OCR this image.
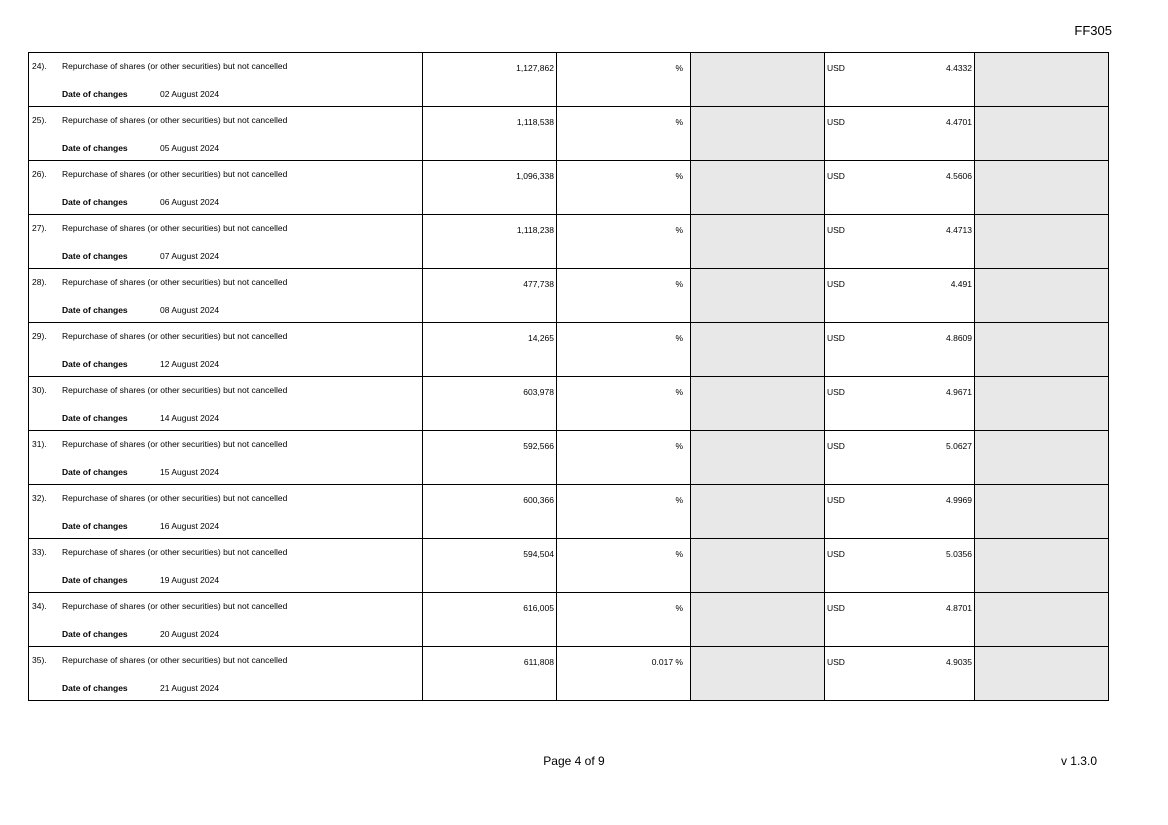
FF305
24). Repurchase of shares (or other securities) but not cancelled
Date of changes 02 August 2024	1,127,862	%		USD 4.4332	

25). Repurchase of shares (or other securities) but not cancelled
Date of changes 05 August 2024	1,118,538	%		USD 4.4701	

26). Repurchase of shares (or other securities) but not cancelled
Date of changes 06 August 2024	1,096,338	%		USD 4.5606	

27). Repurchase of shares (or other securities) but not cancelled
Date of changes 07 August 2024	1,118,238	%		USD 4.4713	

28). Repurchase of shares (or other securities) but not cancelled
Date of changes 08 August 2024	477,738	%		USD 4.491	

29). Repurchase of shares (or other securities) but not cancelled
Date of changes 12 August 2024	14,265	%		USD 4.8609	

30). Repurchase of shares (or other securities) but not cancelled
Date of changes 14 August 2024	603,978	%		USD 4.9671	

31). Repurchase of shares (or other securities) but not cancelled
Date of changes 15 August 2024	592,566	%		USD 5.0627	

32). Repurchase of shares (or other securities) but not cancelled
Date of changes 16 August 2024	600,366	%		USD 4.9969	

33). Repurchase of shares (or other securities) but not cancelled
Date of changes 19 August 2024	594,504	%		USD 5.0356	

34). Repurchase of shares (or other securities) but not cancelled
Date of changes 20 August 2024	616,005	%		USD 4.8701	

35). Repurchase of shares (or other securities) but not cancelled
Date of changes 21 August 2024	611,808	0.017 %		USD 4.9035	

Page 4 of 9	v 1.3.0
